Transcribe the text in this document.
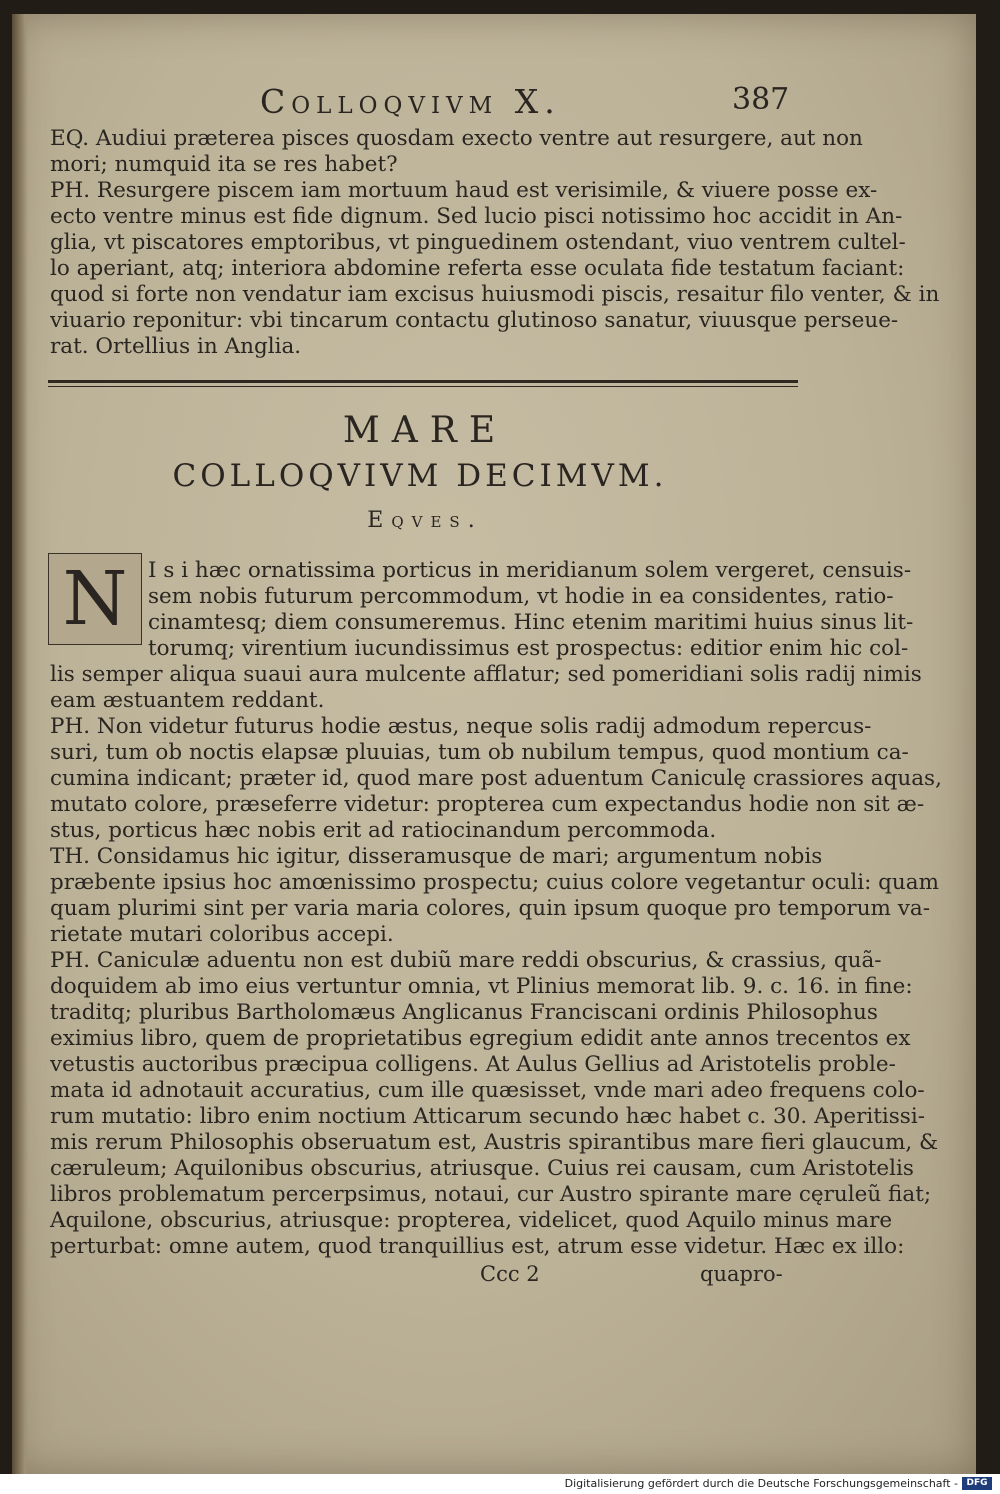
Colloqvivm X.	387
EQ. Audiui præterea pisces quosdam execto ventre aut resurgere, aut non
mori; numquid ita se res habet?
PH. Resurgere piscem iam mortuum haud est verisimile, & viuere posse ex-
ecto ventre minus est fide dignum. Sed lucio pisci notissimo hoc accidit in An-
glia, vt piscatores emptoribus, vt pinguedinem ostendant, viuo ventrem cultel-
lo aperiant, atq; interiora abdomine referta esse oculata fide testatum faciant:
quod si forte non vendatur iam excisus huiusmodi piscis, resaitur filo venter, & in
viuario reponitur: vbi tincarum contactu glutinoso sanatur, viuusque perseue-
rat. Ortellius in Anglia.
MARE
COLLOQVIVM DECIMVM.
Eqves.
N I s i hæc ornatissima porticus in meridianum solem vergeret, censuis-
sem nobis futurum percommodum, vt hodie in ea considentes, ratio-
cinamtesq; diem consumeremus. Hinc etenim maritimi huius sinus lit-
torumq; virentium iucundissimus est prospectus: editior enim hic col-
lis semper aliqua suaui aura mulcente afflatur; sed pomeridiani solis radij nimis
eam æstuantem reddant.
PH. Non videtur futurus hodie æstus, neque solis radij admodum repercus-
suri, tum ob noctis elapsæ pluuias, tum ob nubilum tempus, quod montium ca-
cumina indicant; præter id, quod mare post aduentum Caniculę crassiores aquas,
mutato colore, præseferre videtur: propterea cum expectandus hodie non sit æ-
stus, porticus hæc nobis erit ad ratiocinandum percommoda.
TH. Considamus hic igitur, disseramusque de mari; argumentum nobis
præbente ipsius hoc amœnissimo prospectu; cuius colore vegetantur oculi: quam
quam plurimi sint per varia maria colores, quin ipsum quoque pro temporum va-
rietate mutari coloribus accepi.
PH. Caniculæ aduentu non est dubiũ mare reddi obscurius, & crassius, quã-
doquidem ab imo eius vertuntur omnia, vt Plinius memorat lib. 9. c. 16. in fine:
traditq; pluribus Bartholomæus Anglicanus Franciscani ordinis Philosophus
eximius libro, quem de proprietatibus egregium edidit ante annos trecentos ex
vetustis auctoribus præcipua colligens. At Aulus Gellius ad Aristotelis proble-
mata id adnotauit accuratius, cum ille quæsisset, vnde mari adeo frequens colo-
rum mutatio: libro enim noctium Atticarum secundo hæc habet c. 30. Aperitissi-
mis rerum Philosophis obseruatum est, Austris spirantibus mare fieri glaucum, &
cæruleum; Aquilonibus obscurius, atriusque. Cuius rei causam, cum Aristotelis
libros problematum percerpsimus, notaui, cur Austro spirante mare cęruleũ fiat;
Aquilone, obscurius, atriusque: propterea, videlicet, quod Aquilo minus mare
perturbat: omne autem, quod tranquillius est, atrum esse videtur. Hæc ex illo:
Ccc 2	quapro-
Digitalisierung gefördert durch die Deutsche Forschungsgemeinschaft - DFG
